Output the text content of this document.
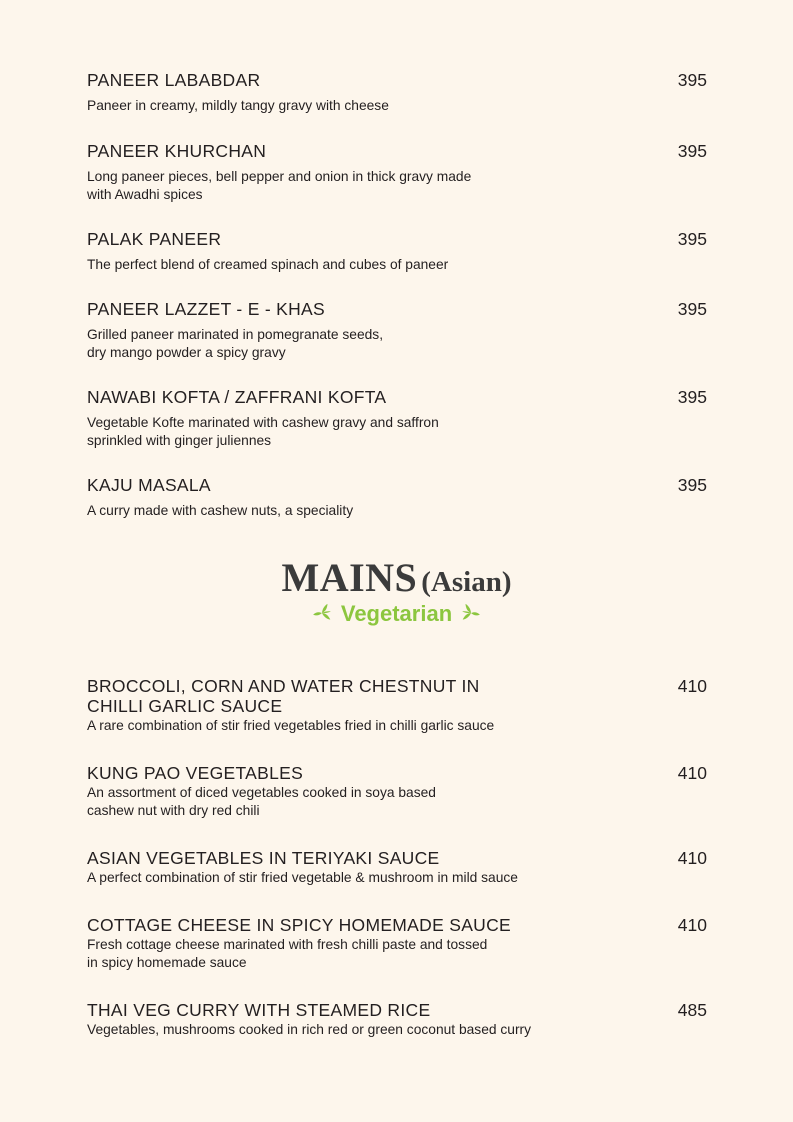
PANEER LABABDAR	395
Paneer in creamy, mildly tangy gravy with cheese
PANEER KHURCHAN	395
Long paneer pieces, bell pepper and onion in thick gravy made
with Awadhi spices
PALAK PANEER	395
The perfect blend of creamed spinach and cubes of paneer
PANEER LAZZET - E - KHAS	395
Grilled paneer marinated in pomegranate seeds,
dry mango powder a spicy gravy
NAWABI KOFTA / ZAFFRANI KOFTA	395
Vegetable Kofte marinated with cashew gravy and saffron
sprinkled with ginger juliennes
KAJU MASALA	395
A curry made with cashew nuts, a speciality
MAINS (Asian)
Vegetarian
BROCCOLI, CORN AND WATER CHESTNUT IN
CHILLI GARLIC SAUCE
410
A rare combination of stir fried vegetables fried in chilli garlic sauce
KUNG PAO VEGETABLES	410
An assortment of diced vegetables cooked in soya based
cashew nut with dry red chili
ASIAN VEGETABLES IN TERIYAKI SAUCE	410
A perfect combination of stir fried vegetable & mushroom in mild sauce
COTTAGE CHEESE IN SPICY HOMEMADE SAUCE	410
Fresh cottage cheese marinated with fresh chilli paste and tossed
in spicy homemade sauce
THAI VEG CURRY WITH STEAMED RICE	485
Vegetables, mushrooms cooked in rich red or green coconut based curry
